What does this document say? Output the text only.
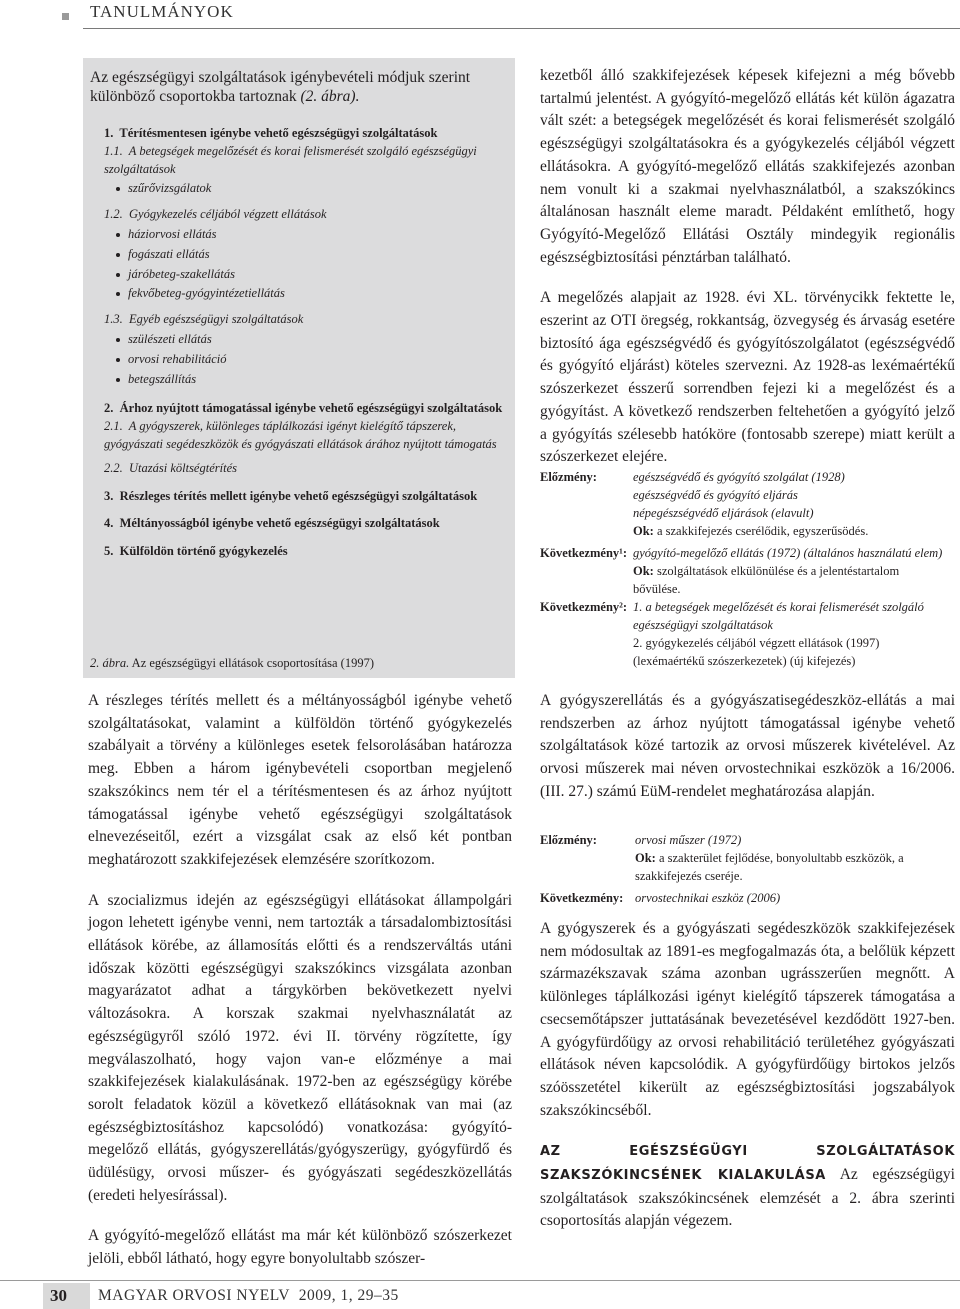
TANULMÁNYOK
Az egészségügyi szolgáltatások igénybevételi módjuk szerint különböző csoportokba tartoznak (2. ábra).
1.  Térítésmentesen igénybe vehető egészségügyi szolgáltatások
1.1.  A betegségek megelőzését és korai felismerését szolgáló egészségügyi szolgáltatások
szűrővizsgálatok
1.2.  Gyógykezelés céljából végzett ellátások
háziorvosi ellátás
fogászati ellátás
járóbeteg-szakellátás
fekvőbeteg-gyógyintézetiellátás
1.3.  Egyéb egészségügyi szolgáltatások
szülészeti ellátás
orvosi rehabilitáció
betegszállítás
2.  Árhoz nyújtott támogatással igénybe vehető egészségügyi szolgáltatások
2.1.  A gyógyszerek, különleges táplálkozási igényt kielégítő tápszerek, gyógyászati segédeszközök és gyógyászati ellátások árához nyújtott támogatás
2.2.  Utazási költségtérítés
3.  Részleges térítés mellett igénybe vehető egészségügyi szolgáltatások
4.  Méltányosságból igénybe vehető egészségügyi szolgáltatások
5.  Külföldön történő gyógykezelés
2. ábra. Az egészségügyi ellátások csoportosítása (1997)

A részleges térítés mellett és a méltányosságból igénybe vehető szolgáltatásokat, valamint a külföldön történő gyógykezelés szabályait a törvény a különleges esetek felsorolásában határozza meg. Ebben a három igénybevételi csoportban megjelenő szakszókincs nem tér el a térítésmentesen és az árhoz nyújtott támogatással igénybe vehető egészségügyi szolgáltatások elnevezéseitől, ezért a vizsgálat csak az első két pontban meghatározott szakkifejezések elemzésére szorítkozom.

A szocializmus idején az egészségügyi ellátásokat állampolgári jogon lehetett igénybe venni, nem tartozták a társadalombiztosítási ellátások körébe, az államosítás előtti és a rendszerváltás utáni időszak közötti egészségügyi szakszókincs vizsgálata azonban magyarázatot adhat a tárgykörben bekövetkezett nyelvi változásokra. A korszak szakmai nyelvhasználatát az egészségügyről szóló 1972. évi II. törvény rögzítette, így megválaszolható, hogy vajon van-e előzménye a mai szakkifejezések kialakulásának. 1972-ben az egészségügy körébe sorolt feladatok közül a következő ellátásoknak van mai (az egészségbiztosításhoz kapcsolódó) vonatkozása: gyógyító-megelőző ellátás, gyógyszerellátás/gyógyszerügy, gyógyfürdő és üdülésügy, orvosi műszer- és gyógyászati segédeszközellátás (eredeti helyesírással).

A gyógyító-megelőző ellátást ma már két különböző szószerkezet jelöli, ebből látható, hogy egyre bonyolultabb szószer-

kezetből álló szakkifejezések képesek kifejezni a még bővebb tartalmú jelentést. A gyógyító-megelőző ellátás két külön ágazatra vált szét: a betegségek megelőzését és korai felismerését szolgáló egészségügyi szolgáltatásokra és a gyógykezelés céljából végzett ellátásokra. A gyógyító-megelőző ellátás szakkifejezés azonban nem vonult ki a szakmai nyelvhasználatból, a szakszókincs általánosan használt eleme maradt. Példaként említhető, hogy Gyógyító-Megelőző Ellátási Osztály mindegyik regionális egészségbiztosítási pénztárban található.

A megelőzés alapjait az 1928. évi XL. törvénycikk fektette le, eszerint az OTI öregség, rokkantság, özvegység és árvaság esetére biztosító ága egészségvédő és gyógyítószolgálatot (egészségvédő és gyógyító eljárást) köteles szervezni. Az 1928-as lexémaértékű szószerkezet ésszerű sorrendben fejezi ki a megelőzést és a gyógyítást. A következő rendszerben feltehetően a gyógyító jelző a gyógyítás szélesebb hatóköre (fontosabb szerepe) miatt került a szószerkezet elejére.

Előzmény:	egészségvédő és gyógyító szolgálat (1928)
egészségvédő és gyógyító eljárás
népegészségvédő eljárások (elavult)
Ok: a szakkifejezés cserélődik, egyszerűsödés.
Következmény¹: gyógyító-megelőző ellátás (1972) (általános használatú elem)
Ok: szolgáltatások elkülönülése és a jelentéstartalom bővülése.
Következmény²: 1. a betegségek megelőzését és korai felismerését szolgáló egészségügyi szolgáltatások
2. gyógykezelés céljából végzett ellátások (1997) (lexémaértékű szószerkezetek) (új kifejezés)

A gyógyszerellátás és a gyógyászatisegédeszköz-ellátás a mai rendszerben az árhoz nyújtott támogatással igénybe vehető szolgáltatások közé tartozik az orvosi műszerek kivételével. Az orvosi műszerek mai néven orvostechnikai eszközök a 16/2006. (III. 27.) számú EüM-rendelet meghatározása alapján.

Előzmény:	orvosi műszer (1972)
Ok: a szakterület fejlődése, bonyolultabb eszközök, a szakkifejezés cseréje.
Következmény: orvostechnikai eszköz (2006)

A gyógyszerek és a gyógyászati segédeszközök szakkifejezések nem módosultak az 1891-es megfogalmazás óta, a belőlük képzett származékszavak száma azonban ugrásszerűen megnőtt. A különleges táplálkozási igényt kielégítő tápszerek támogatása a csecsemőtápszer juttatásának bevezetésével kezdődött 1927-ben. A gyógyfürdőügy az orvosi rehabilitáció területéhez gyógyászati ellátások néven kapcsolódik. A gyógyfürdőügy birtokos jelzős szóösszetétel kikerült az egészségbiztosítási jogszabályok szakszókincséből.

AZ EGÉSZSÉGÜGYI SZOLGÁLTATÁSOK SZAKSZÓKINCSÉNEK KIALAKULÁSA Az egészségügyi szolgáltatások szakszókincsének elemzését a 2. ábra szerinti csoportosítás alapján végezem.

30 MAGYAR ORVOSI NYELV 2009, 1, 29–35
